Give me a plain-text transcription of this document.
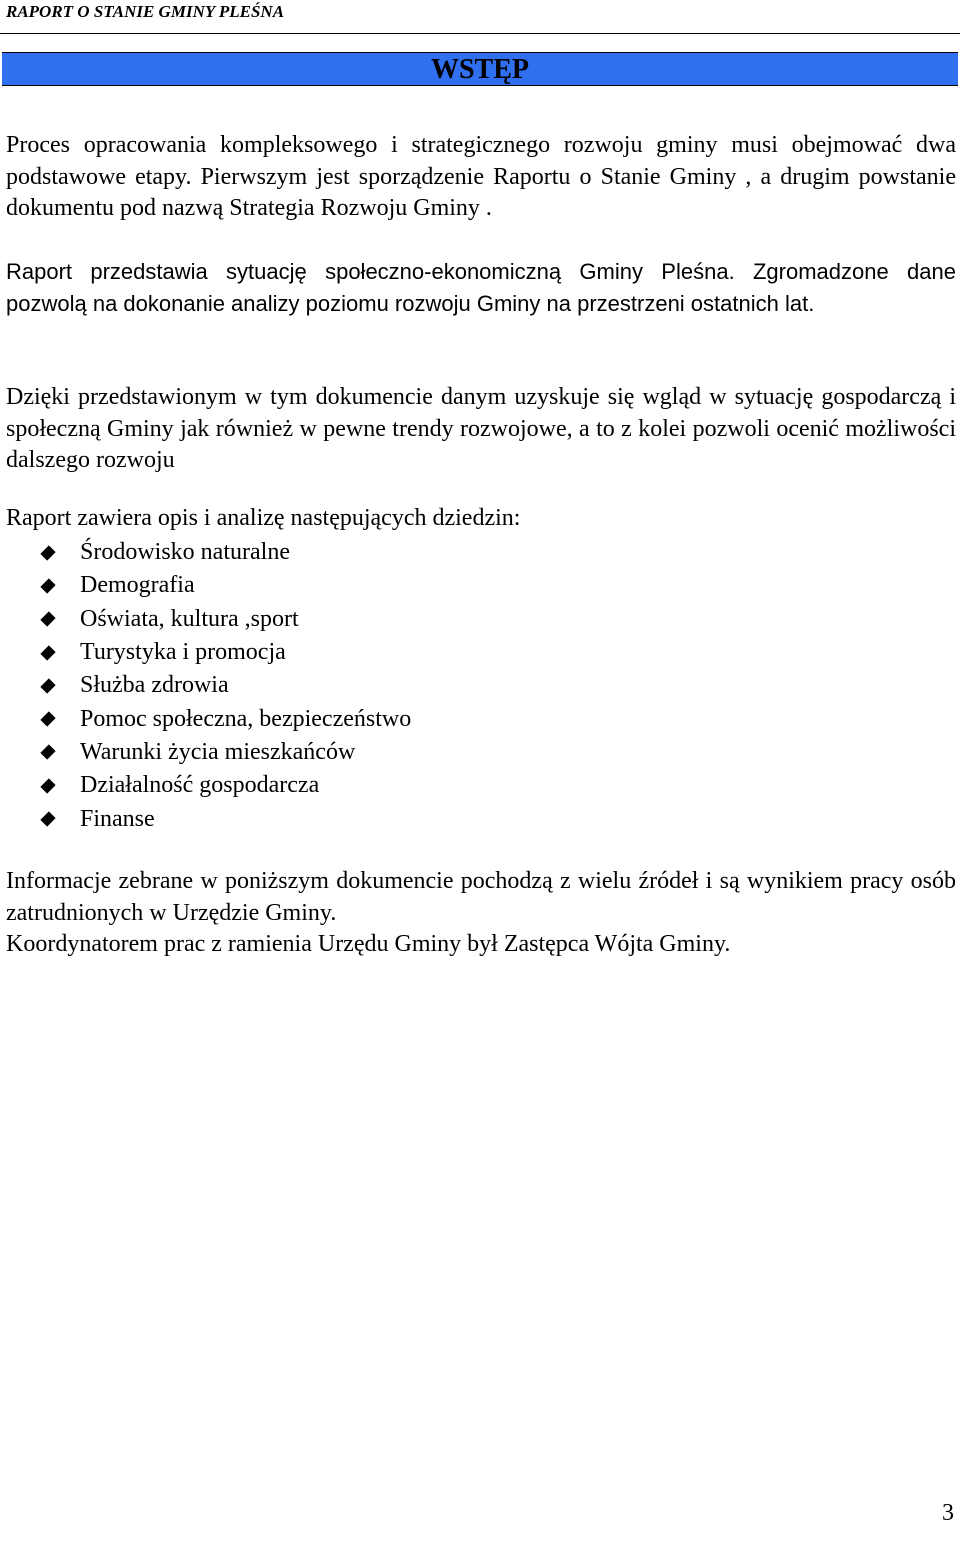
RAPORT O STANIE GMINY PLEŚNA
WSTĘP

Proces opracowania kompleksowego i strategicznego rozwoju gminy musi obejmować dwa podstawowe etapy. Pierwszym jest sporządzenie Raportu o Stanie Gminy , a drugim powstanie dokumentu pod nazwą Strategia Rozwoju Gminy .

Raport przedstawia sytuację społeczno-ekonomiczną Gminy Pleśna. Zgromadzone dane pozwolą na dokonanie analizy poziomu rozwoju Gminy na przestrzeni ostatnich lat.

Dzięki przedstawionym w tym dokumencie danym uzyskuje się wgląd w sytuację gospodarczą i społeczną Gminy jak również w pewne trendy rozwojowe, a to z kolei pozwoli ocenić możliwości dalszego rozwoju

Raport zawiera opis i analizę następujących dziedzin:

Środowisko naturalne
Demografia
Oświata, kultura ,sport
Turystyka i promocja
Służba zdrowia
Pomoc społeczna, bezpieczeństwo
Warunki życia mieszkańców
Działalność gospodarcza
Finanse

Informacje zebrane w poniższym dokumencie pochodzą z wielu źródeł i są wynikiem pracy osób zatrudnionych w Urzędzie Gminy.

Koordynatorem prac z ramienia Urzędu Gminy był Zastępca Wójta Gminy.

3
